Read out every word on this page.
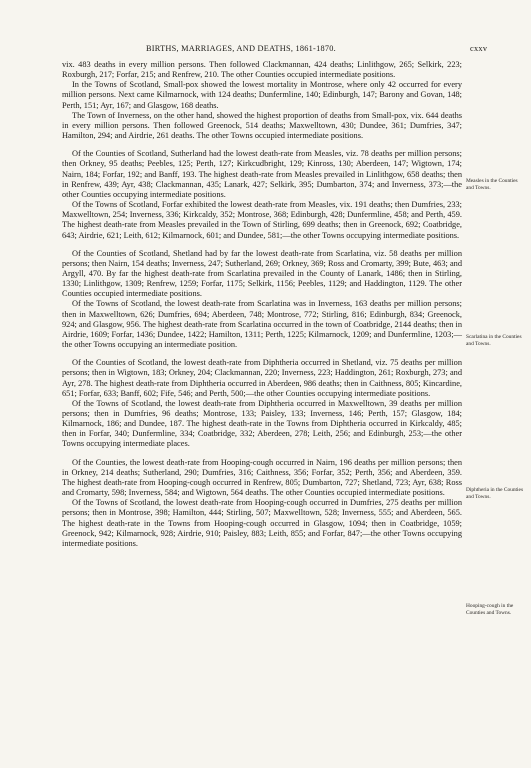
BIRTHS, MARRIAGES, AND DEATHS, 1861-1870.	cxxv

vix. 483 deaths in every million persons. Then followed Clackmannan, 424 deaths; Linlithgow, 265; Selkirk, 223; Roxburgh, 217; Forfar, 215; and Renfrew, 210. The other Counties occupied intermediate positions.

In the Towns of Scotland, Small-pox showed the lowest mortality in Montrose, where only 42 occurred for every million persons. Next came Kilmarnock, with 124 deaths; Dunfermline, 140; Edinburgh, 147; Barony and Govan, 148; Perth, 151; Ayr, 167; and Glasgow, 168 deaths.

The Town of Inverness, on the other hand, showed the highest proportion of deaths from Small-pox, vix. 644 deaths in every million persons. Then followed Greenock, 514 deaths; Maxwelltown, 430; Dundee, 361; Dumfries, 347; Hamilton, 294; and Airdrie, 261 deaths. The other Towns occupied intermediate positions.

Of the Counties of Scotland, Sutherland had the lowest death-rate from Measles, viz. 78 deaths per million persons; then Orkney, 95 deaths; Peebles, 125; Perth, 127; Kirkcudbright, 129; Kinross, 130; Aberdeen, 147; Wigtown, 174; Nairn, 184; Forfar, 192; and Banff, 193. The highest death-rate from Measles prevailed in Linlithgow, 658 deaths; then in Renfrew, 439; Ayr, 438; Clackmannan, 435; Lanark, 427; Selkirk, 395; Dumbarton, 374; and Inverness, 373;—the other Counties occupying intermediate positions.

Of the Towns of Scotland, Forfar exhibited the lowest death-rate from Measles, vix. 191 deaths; then Dumfries, 233; Maxwelltown, 254; Inverness, 336; Kirkcaldy, 352; Montrose, 368; Edinburgh, 428; Dunfermline, 458; and Perth, 459. The highest death-rate from Measles prevailed in the Town of Stirling, 699 deaths; then in Greenock, 692; Coatbridge, 643; Airdrie, 621; Leith, 612; Kilmarnock, 601; and Dundee, 581;—the other Towns occupying intermediate positions.

Of the Counties of Scotland, Shetland had by far the lowest death-rate from Scarlatina, viz. 58 deaths per million persons; then Nairn, 154 deaths; Inverness, 247; Sutherland, 269; Orkney, 369; Ross and Cromarty, 399; Bute, 463; and Argyll, 470. By far the highest death-rate from Scarlatina prevailed in the County of Lanark, 1486; then in Stirling, 1330; Linlithgow, 1309; Renfrew, 1259; Forfar, 1175; Selkirk, 1156; Peebles, 1129; and Haddington, 1129. The other Counties occupied intermediate positions.

Of the Towns of Scotland, the lowest death-rate from Scarlatina was in Inverness, 163 deaths per million persons; then in Maxwelltown, 626; Dumfries, 694; Aberdeen, 748; Montrose, 772; Stirling, 816; Edinburgh, 834; Greenock, 924; and Glasgow, 956. The highest death-rate from Scarlatina occurred in the town of Coatbridge, 2144 deaths; then in Airdrie, 1609; Forfar, 1436; Dundee, 1422; Hamilton, 1311; Perth, 1225; Kilmarnock, 1209; and Dunfermline, 1203;—the other Towns occupying an intermediate position.

Of the Counties of Scotland, the lowest death-rate from Diphtheria occurred in Shetland, viz. 75 deaths per million persons; then in Wigtown, 183; Orkney, 204; Clackmannan, 220; Inverness, 223; Haddington, 261; Roxburgh, 273; and Ayr, 278. The highest death-rate from Diphtheria occurred in Aberdeen, 986 deaths; then in Caithness, 805; Kincardine, 651; Forfar, 633; Banff, 602; Fife, 546; and Perth, 500;—the other Counties occupying intermediate positions.

Of the Towns of Scotland, the lowest death-rate from Diphtheria occurred in Maxwelltown, 39 deaths per million persons; then in Dumfries, 96 deaths; Montrose, 133; Paisley, 133; Inverness, 146; Perth, 157; Glasgow, 184; Kilmarnock, 186; and Dundee, 187. The highest death-rate in the Towns from Diphtheria occurred in Kirkcaldy, 485; then in Forfar, 340; Dunfermline, 334; Coatbridge, 332; Aberdeen, 278; Leith, 256; and Edinburgh, 253;—the other Towns occupying intermediate places.

Of the Counties, the lowest death-rate from Hooping-cough occurred in Nairn, 196 deaths per million persons; then in Orkney, 214 deaths; Sutherland, 290; Dumfries, 316; Caithness, 356; Forfar, 352; Perth, 356; and Aberdeen, 359. The highest death-rate from Hooping-cough occurred in Renfrew, 805; Dumbarton, 727; Shetland, 723; Ayr, 638; Ross and Cromarty, 598; Inverness, 584; and Wigtown, 564 deaths. The other Counties occupied intermediate positions.

Of the Towns of Scotland, the lowest death-rate from Hooping-cough occurred in Dumfries, 275 deaths per million persons; then in Montrose, 398; Hamilton, 444; Stirling, 507; Maxwelltown, 528; Inverness, 555; and Aberdeen, 565. The highest death-rate in the Towns from Hooping-cough occurred in Glasgow, 1094; then in Coatbridge, 1059; Greenock, 942; Kilmarnock, 928; Airdrie, 910; Paisley, 883; Leith, 855; and Forfar, 847;—the other Towns occupying intermediate positions.

Measles in the Counties and Towns.
Scarlatina in the Counties and Towns.
Diphtheria in the Counties and Towns.
Hooping-cough in the Counties and Towns.
